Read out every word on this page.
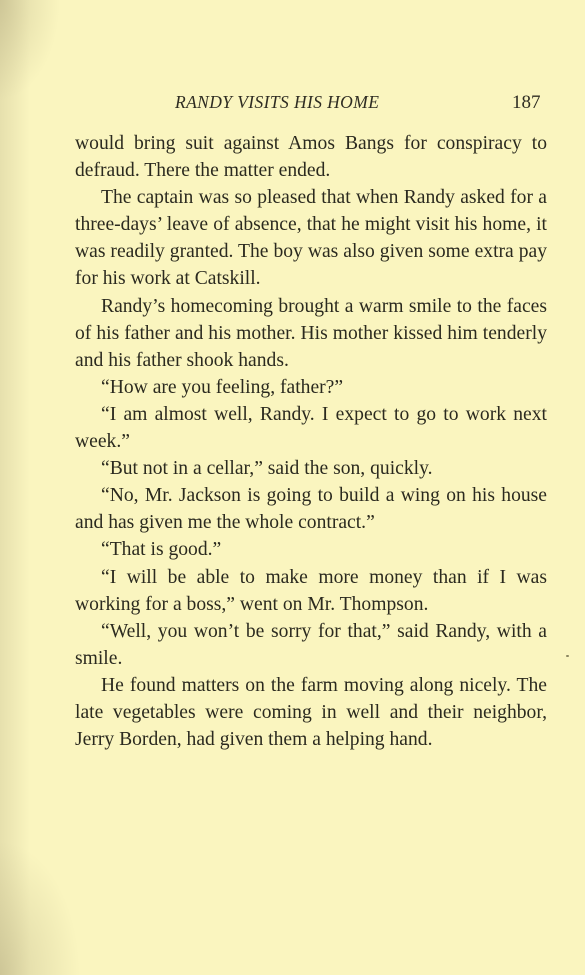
RANDY VISITS HIS HOME	187

would bring suit against Amos Bangs for conspiracy to defraud. There the matter ended.

The captain was so pleased that when Randy asked for a three-days’ leave of absence, that he might visit his home, it was readily granted. The boy was also given some extra pay for his work at Catskill.

Randy’s homecoming brought a warm smile to the faces of his father and his mother. His mother kissed him tenderly and his father shook hands.

“How are you feeling, father?”

“I am almost well, Randy. I expect to go to work next week.”

“But not in a cellar,” said the son, quickly.

“No, Mr. Jackson is going to build a wing on his house and has given me the whole contract.”

“That is good.”

“I will be able to make more money than if I was working for a boss,” went on Mr. Thompson.

“Well, you won’t be sorry for that,” said Randy, with a smile.

He found matters on the farm moving along nicely. The late vegetables were coming in well and their neighbor, Jerry Borden, had given them a helping hand.
